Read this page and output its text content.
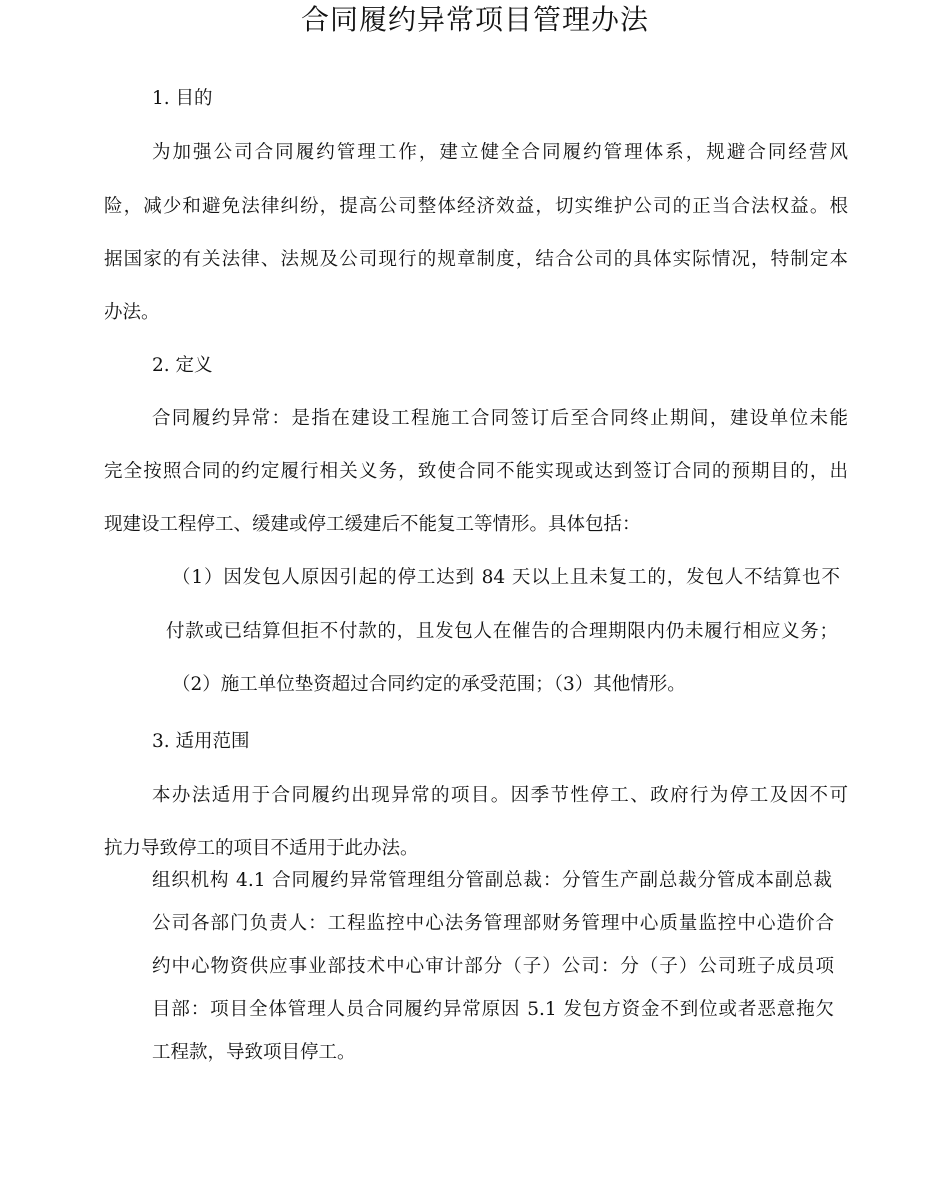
合同履约异常项目管理办法
1. 目的
为加强公司合同履约管理工作，建立健全合同履约管理体系，规避合同经营风
险，减少和避免法律纠纷，提高公司整体经济效益，切实维护公司的正当合法权益。根
据国家的有关法律、法规及公司现行的规章制度，结合公司的具体实际情况，特制定本
办法。
2. 定义
合同履约异常：是指在建设工程施工合同签订后至合同终止期间，建设单位未能
完全按照合同的约定履行相关义务，致使合同不能实现或达到签订合同的预期目的，出
现建设工程停工、缓建或停工缓建后不能复工等情形。具体包括：
（1）因发包人原因引起的停工达到 84 天以上且未复工的，发包人不结算也不
付款或已结算但拒不付款的，且发包人在催告的合理期限内仍未履行相应义务；
（2）施工单位垫资超过合同约定的承受范围；（3）其他情形。
3. 适用范围
本办法适用于合同履约出现异常的项目。因季节性停工、政府行为停工及因不可
抗力导致停工的项目不适用于此办法。
组织机构 4.1 合同履约异常管理组分管副总裁：分管生产副总裁分管成本副总裁
公司各部门负责人：工程监控中心法务管理部财务管理中心质量监控中心造价合
约中心物资供应事业部技术中心审计部分（子）公司：分（子）公司班子成员项
目部：项目全体管理人员合同履约异常原因 5.1 发包方资金不到位或者恶意拖欠
工程款，导致项目停工。
